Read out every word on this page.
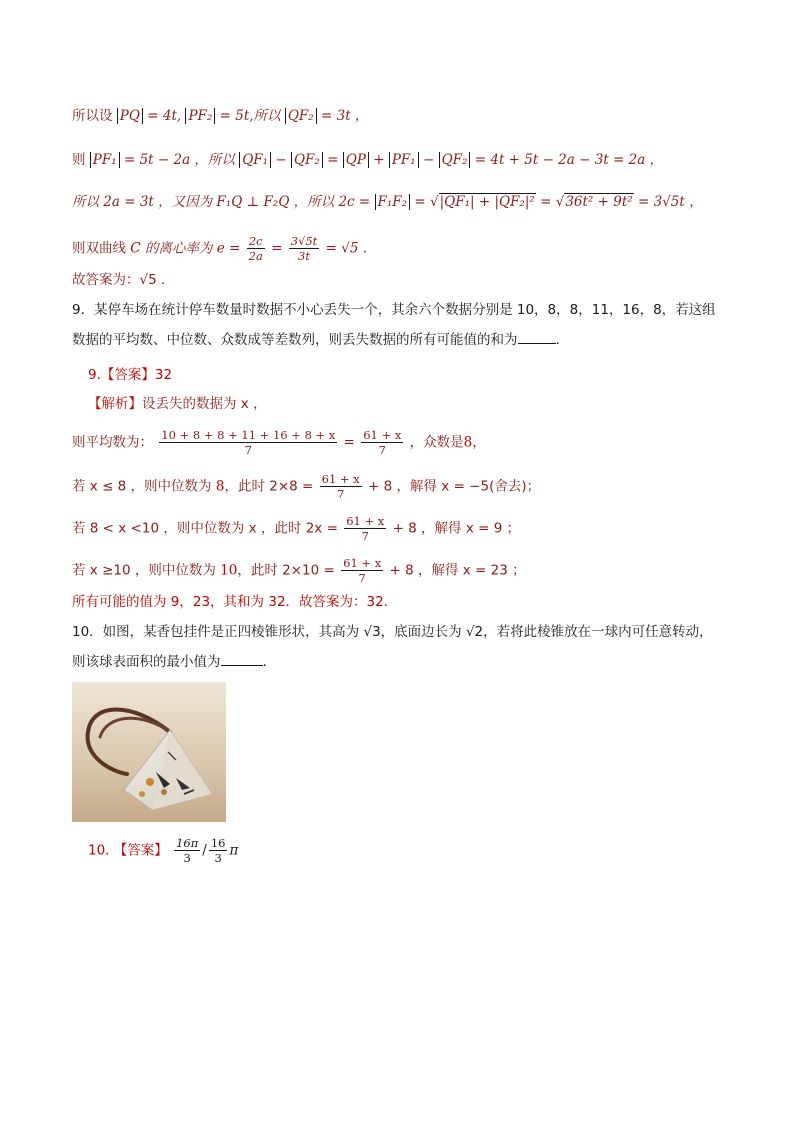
所以设 PQ = 4t, PF₂ = 5t,所以 QF₂ = 3t ，
则 PF₁ = 5t − 2a ，所以 QF₁ − QF₂ = QP + PF₁ − QF₂ = 4t + 5t − 2a − 3t = 2a ，
所以 2a = 3t ，又因为 F₁Q ⊥ F₂Q ，所以 2c = F₁F₂ = √|QF₁| + |QF₂|² = √36t² + 9t² = 3√5t ，
则双曲线 C 的离心率为 $e = \frac{2c}{2a} = \frac{3√5t}{3t} = √5$ .
故答案为：√5 .
9．某停车场在统计停车数量时数据不小心丢失一个，其余六个数据分别是 10，8，8，11，16，8，若这组
数据的平均数、中位数、众数成等差数列，则丢失数据的所有可能值的和为	.
9.【答案】32
【解析】设丢失的数据为 x ，
则平均数为： $\frac{10 + 8 + 8 + 11 + 16 + 8 + x}{7} = \frac{61 + x}{7}$ ，众数是8，
若 x ≤ 8 ，则中位数为 8，此时 $2\times 8 = \frac{61 + x}{7} + 8$ ，解得 x = −5(舍去)；
若 8 < x <10 ，则中位数为 x ，此时 $2x = \frac{61 + x}{7} + 8$ ，解得 x = 9 ；
若 x ≥10 ，则中位数为 10，此时 $2\times 10 = \frac{61 + x}{7} + 8$ ，解得 x = 23 ；
所有可能的值为 9，23，其和为 32．故答案为：32．
10．如图，某香包挂件是正四棱锥形状，其高为 √3，底面边长为 √2，若将此棱锥放在一球内可任意转动，
则该球表面积的最小值为	.
10. 【答案】 $\frac{16\pi}{3} / \frac{16}{3}$ π
